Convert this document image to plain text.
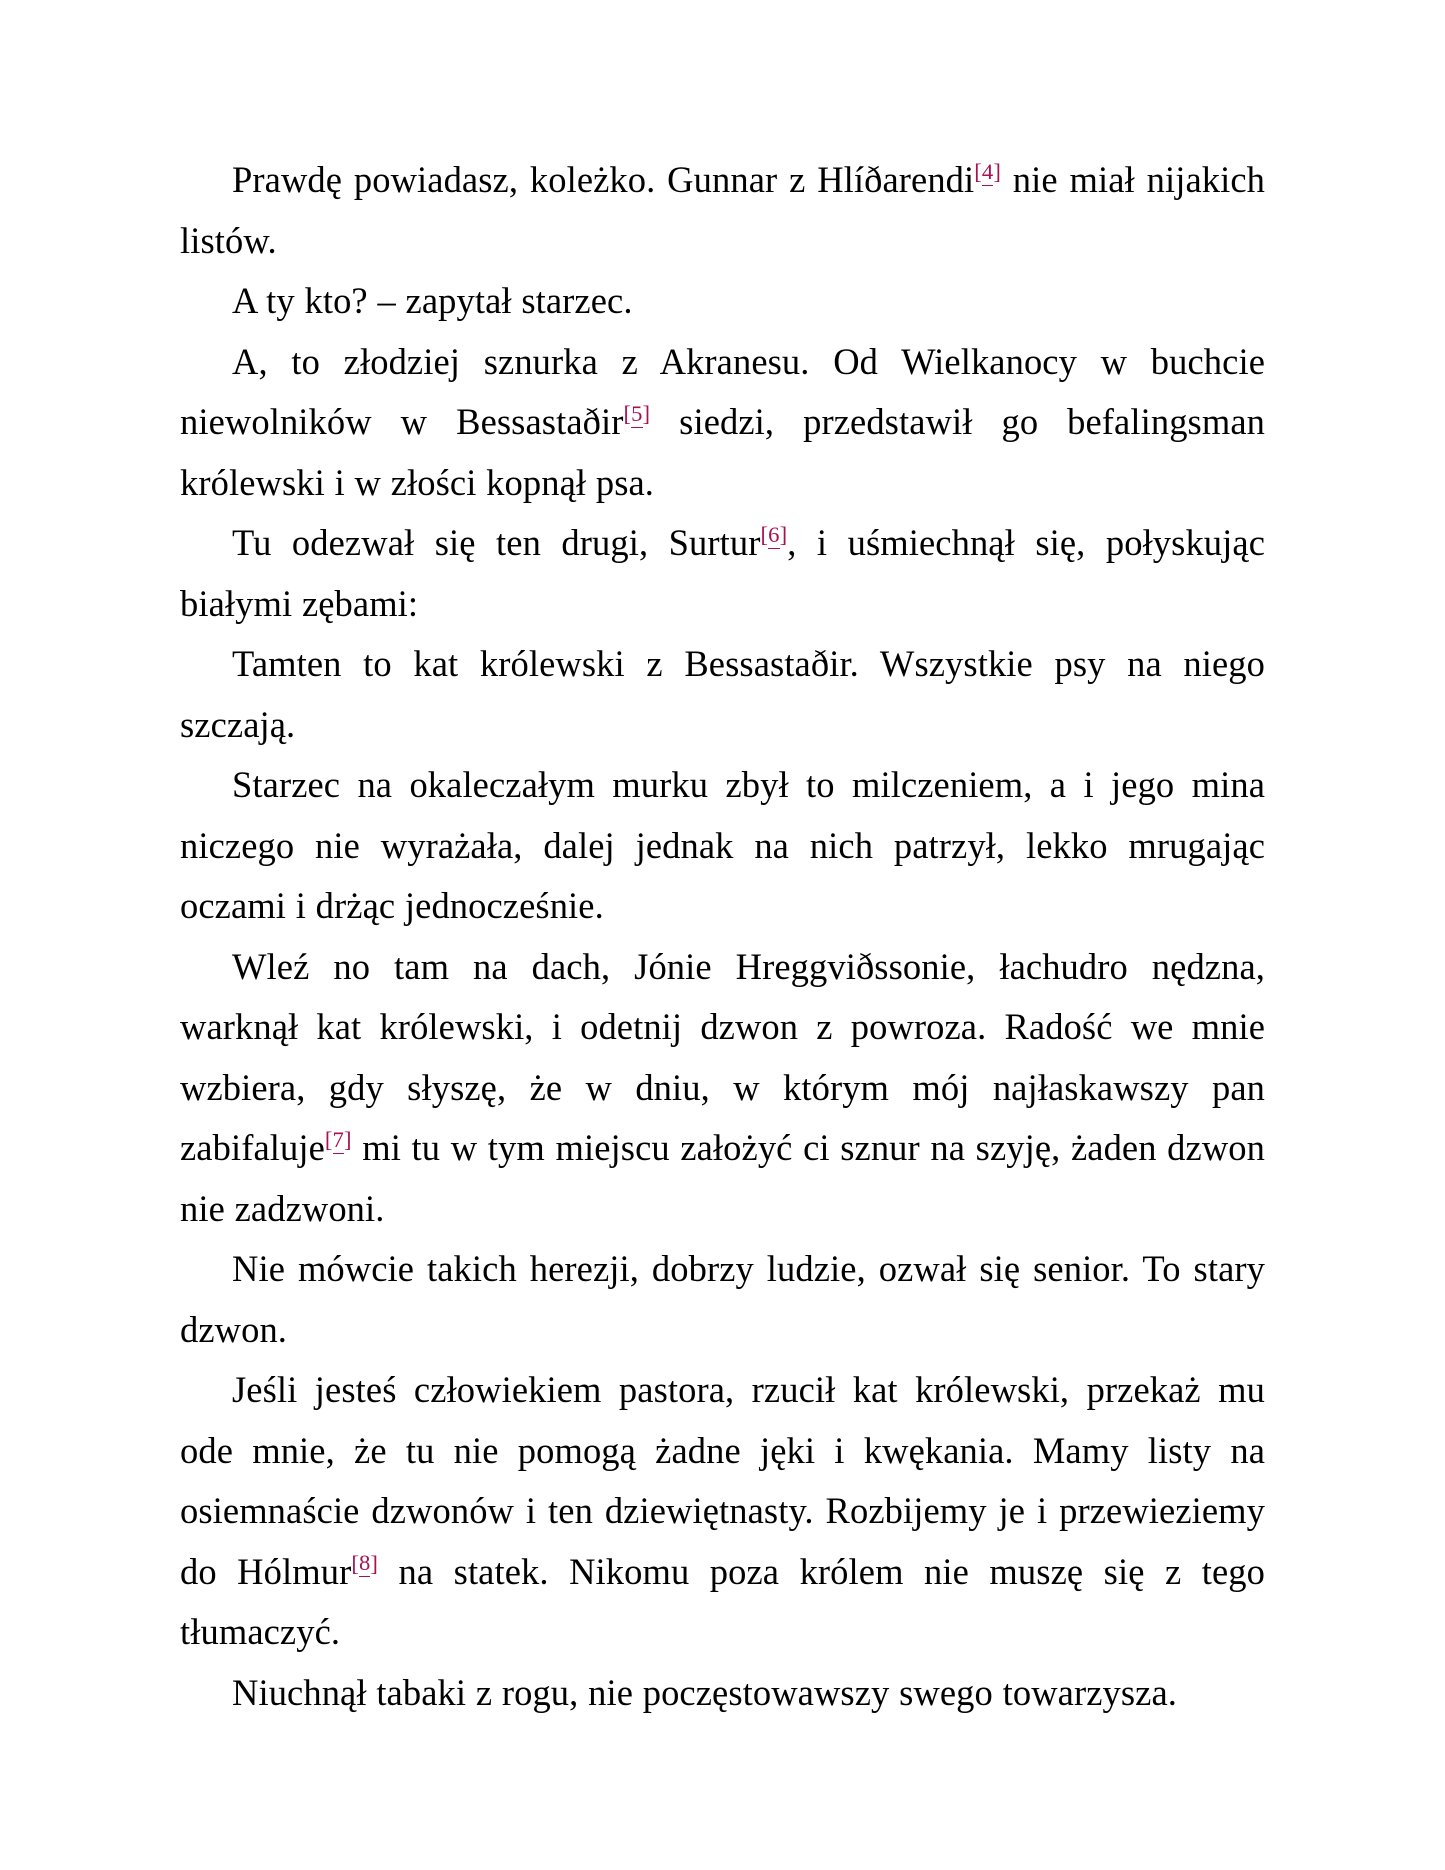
Prawdę powiadasz, koleżko. Gunnar z Hlíðarendi[4] nie miał nijakich listów.

A ty kto? – zapytał starzec.

A, to złodziej sznurka z Akranesu. Od Wielkanocy w buchcie niewolników w Bessastaðir[5] siedzi, przedstawił go befalingsman królewski i w złości kopnął psa.

Tu odezwał się ten drugi, Surtur[6], i uśmiechnął się, połyskując białymi zębami:

Tamten to kat królewski z Bessastaðir. Wszystkie psy na niego szczają.

Starzec na okaleczałym murku zbył to milczeniem, a i jego mina niczego nie wyrażała, dalej jednak na nich patrzył, lekko mrugając oczami i drżąc jednocześnie.

Wleź no tam na dach, Jónie Hreggviðssonie, łachudro nędzna, warknął kat królewski, i odetnij dzwon z powroza. Radość we mnie wzbiera, gdy słyszę, że w dniu, w którym mój najłaskawszy pan zabifaluje[7] mi tu w tym miejscu założyć ci sznur na szyję, żaden dzwon nie zadzwoni.

Nie mówcie takich herezji, dobrzy ludzie, ozwał się senior. To stary dzwon.

Jeśli jesteś człowiekiem pastora, rzucił kat królewski, przekaż mu ode mnie, że tu nie pomogą żadne jęki i kwękania. Mamy listy na osiemnaście dzwonów i ten dziewiętnasty. Rozbijemy je i przewieziemy do Hólmur[8] na statek. Nikomu poza królem nie muszę się z tego tłumaczyć.

Niuchnął tabaki z rogu, nie poczęstowawszy swego towarzysza.
